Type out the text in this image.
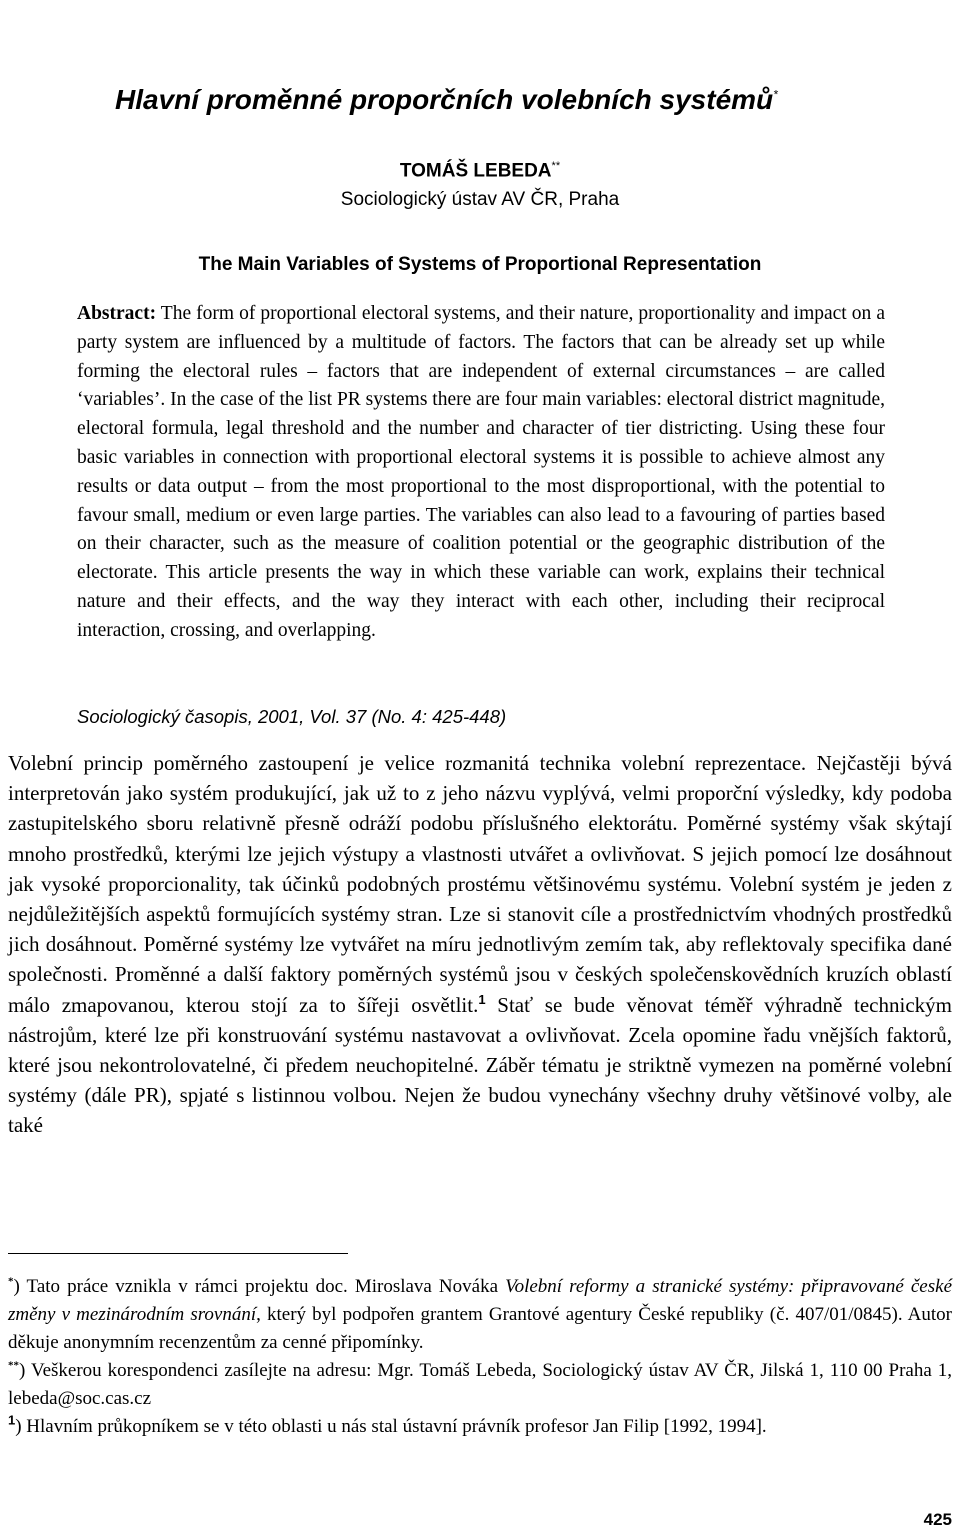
Hlavní proměnné proporčních volebních systémů*
TOMÁŠ LEBEDA**
Sociologický ústav AV ČR, Praha
The Main Variables of Systems of Proportional Representation
Abstract: The form of proportional electoral systems, and their nature, proportionality and impact on a party system are influenced by a multitude of factors. The factors that can be already set up while forming the electoral rules – factors that are independent of external circumstances – are called ‘variables’. In the case of the list PR systems there are four main variables: electoral district magnitude, electoral formula, legal threshold and the number and character of tier districting. Using these four basic variables in connection with proportional electoral systems it is possible to achieve almost any results or data output – from the most proportional to the most disproportional, with the potential to favour small, medium or even large parties. The variables can also lead to a favouring of parties based on their character, such as the measure of coalition potential or the geographic distribution of the electorate. This article presents the way in which these variable can work, explains their technical nature and their effects, and the way they interact with each other, including their reciprocal interaction, crossing, and overlapping.
Sociologický časopis, 2001, Vol. 37 (No. 4: 425-448)
Volební princip poměrného zastoupení je velice rozmanitá technika volební reprezentace. Nejčastěji bývá interpretován jako systém produkující, jak už to z jeho názvu vyplývá, velmi proporční výsledky, kdy podoba zastupitelského sboru relativně přesně odráží podobu příslušného elektorátu. Poměrné systémy však skýtají mnoho prostředků, kterými lze jejich výstupy a vlastnosti utvářet a ovlivňovat. S jejich pomocí lze dosáhnout jak vysoké proporcionality, tak účinků podobných prostému většinovému systému. Volební systém je jeden z nejdůležitějších aspektů formujících systémy stran. Lze si stanovit cíle a prostřednictvím vhodných prostředků jich dosáhnout. Poměrné systémy lze vytvářet na míru jednotlivým zemím tak, aby reflektovaly specifika dané společnosti. Proměnné a další faktory poměrných systémů jsou v českých společenskovědních kruzích oblastí málo zmapovanou, kterou stojí za to šířeji osvětlit.$^1$ Stať se bude věnovat téměř výhradně technickým nástrojům, které lze při konstruování systému nastavovat a ovlivňovat. Zcela opomine řadu vnějších faktorů, které jsou nekontrolovatelné, či předem neuchopitelné. Záběr tématu je striktně vymezen na poměrné volební systémy (dále PR), spjaté s listinnou volbou. Nejen že budou vynechány všechny druhy většinové volby, ale také

*) Tato práce vznikla v rámci projektu doc. Miroslava Nováka Volební reformy a stranické systémy: připravované české změny v mezinárodním srovnání, který byl podpořen grantem Grantové agentury České republiky (č. 407/01/0845). Autor děkuje anonymním recenzentům za cenné připomínky.

**) Veškerou korespondenci zasílejte na adresu: Mgr. Tomáš Lebeda, Sociologický ústav AV ČR, Jilská 1, 110 00 Praha 1, lebeda@soc.cas.cz

$^1$) Hlavním průkopníkem se v této oblasti u nás stal ústavní právník profesor Jan Filip [1992, 1994].

425
